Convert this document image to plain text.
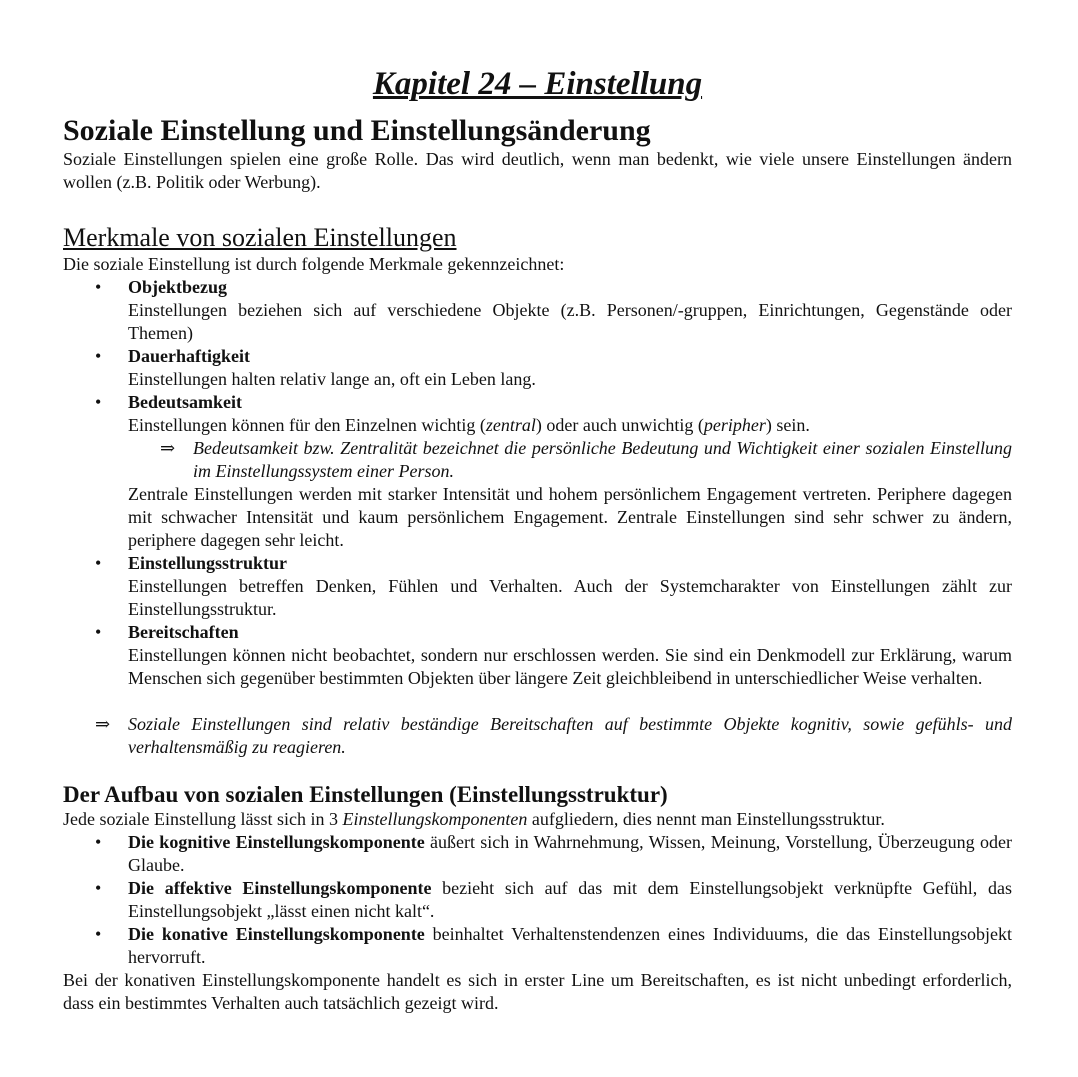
Kapitel 24 – Einstellung
Soziale Einstellung und Einstellungsänderung

Soziale Einstellungen spielen eine große Rolle. Das wird deutlich, wenn man bedenkt, wie viele unsere Einstellungen ändern wollen (z.B. Politik oder Werbung).

Merkmale von sozialen Einstellungen

Die soziale Einstellung ist durch folgende Merkmale gekennzeichnet:

•	Objektbezug

Einstellungen beziehen sich auf verschiedene Objekte (z.B. Personen/-gruppen, Einrichtungen, Gegenstände oder Themen)

•	Dauerhaftigkeit

Einstellungen halten relativ lange an, oft ein Leben lang.

•	Bedeutsamkeit

Einstellungen können für den Einzelnen wichtig (zentral) oder auch unwichtig (peripher) sein.

⇒ Bedeutsamkeit bzw. Zentralität bezeichnet die persönliche Bedeutung und Wichtigkeit einer sozialen Einstellung im Einstellungssystem einer Person.

Zentrale Einstellungen werden mit starker Intensität und hohem persönlichem Engagement vertreten. Periphere dagegen mit schwacher Intensität und kaum persönlichem Engagement. Zentrale Einstellungen sind sehr schwer zu ändern, periphere dagegen sehr leicht.

•	Einstellungsstruktur

Einstellungen betreffen Denken, Fühlen und Verhalten. Auch der Systemcharakter von Einstellungen zählt zur Einstellungsstruktur.

•	Bereitschaften

Einstellungen können nicht beobachtet, sondern nur erschlossen werden. Sie sind ein Denkmodell zur Erklärung, warum Menschen sich gegenüber bestimmten Objekten über längere Zeit gleichbleibend in unterschiedlicher Weise verhalten.

⇒ Soziale Einstellungen sind relativ beständige Bereitschaften auf bestimmte Objekte kognitiv, sowie gefühls- und verhaltensmäßig zu reagieren.

Der Aufbau von sozialen Einstellungen (Einstellungsstruktur)

Jede soziale Einstellung lässt sich in 3 Einstellungskomponenten aufgliedern, dies nennt man Einstellungsstruktur.

•	Die kognitive Einstellungskomponente äußert sich in Wahrnehmung, Wissen, Meinung, Vorstellung, Überzeugung oder Glaube.

•	Die affektive Einstellungskomponente bezieht sich auf das mit dem Einstellungsobjekt verknüpfte Gefühl, das Einstellungsobjekt „lässt einen nicht kalt“.

•	Die konative Einstellungskomponente beinhaltet Verhaltenstendenzen eines Individuums, die das Einstellungsobjekt hervorruft.

Bei der konativen Einstellungskomponente handelt es sich in erster Line um Bereitschaften, es ist nicht unbedingt erforderlich, dass ein bestimmtes Verhalten auch tatsächlich gezeigt wird.
